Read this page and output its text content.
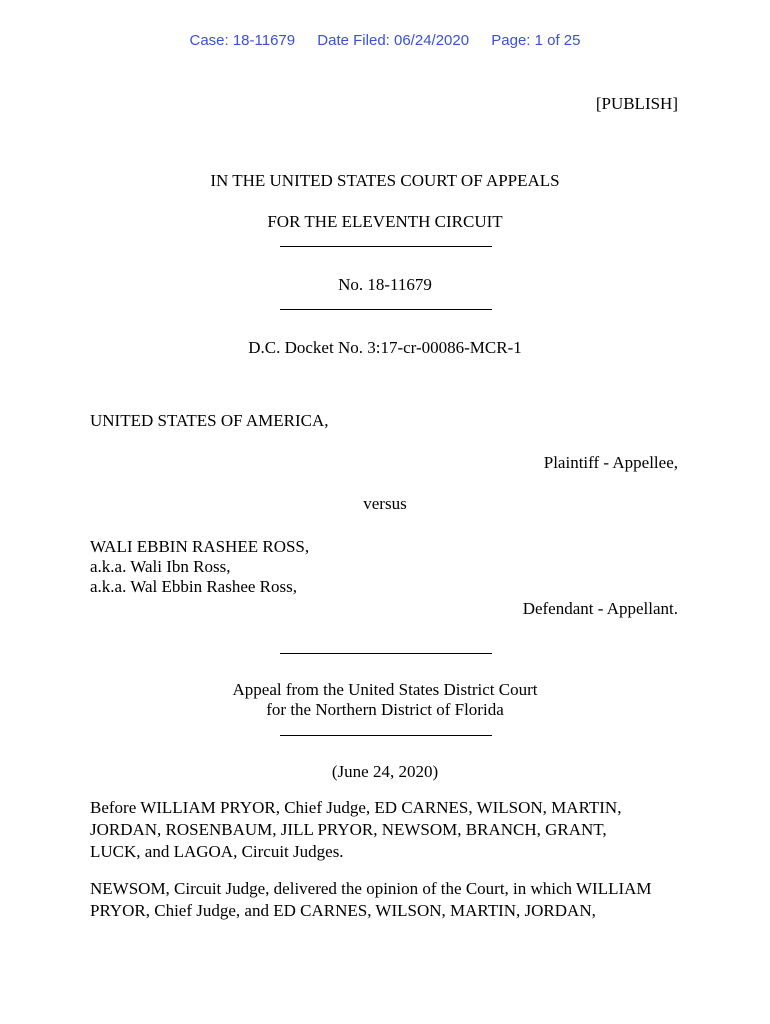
Case: 18-11679 Date Filed: 06/24/2020 Page: 1 of 25
[PUBLISH]
IN THE UNITED STATES COURT OF APPEALS
FOR THE ELEVENTH CIRCUIT
No. 18-11679
D.C. Docket No. 3:17-cr-00086-MCR-1
UNITED STATES OF AMERICA,
Plaintiff - Appellee,
versus
WALI EBBIN RASHEE ROSS,
a.k.a. Wali Ibn Ross,
a.k.a. Wal Ebbin Rashee Ross,
Defendant - Appellant.
Appeal from the United States District Court
for the Northern District of Florida
(June 24, 2020)
Before WILLIAM PRYOR, Chief Judge, ED CARNES, WILSON, MARTIN,
JORDAN, ROSENBAUM, JILL PRYOR, NEWSOM, BRANCH, GRANT,
LUCK, and LAGOA, Circuit Judges.
NEWSOM, Circuit Judge, delivered the opinion of the Court, in which WILLIAM
PRYOR, Chief Judge, and ED CARNES, WILSON, MARTIN, JORDAN,
